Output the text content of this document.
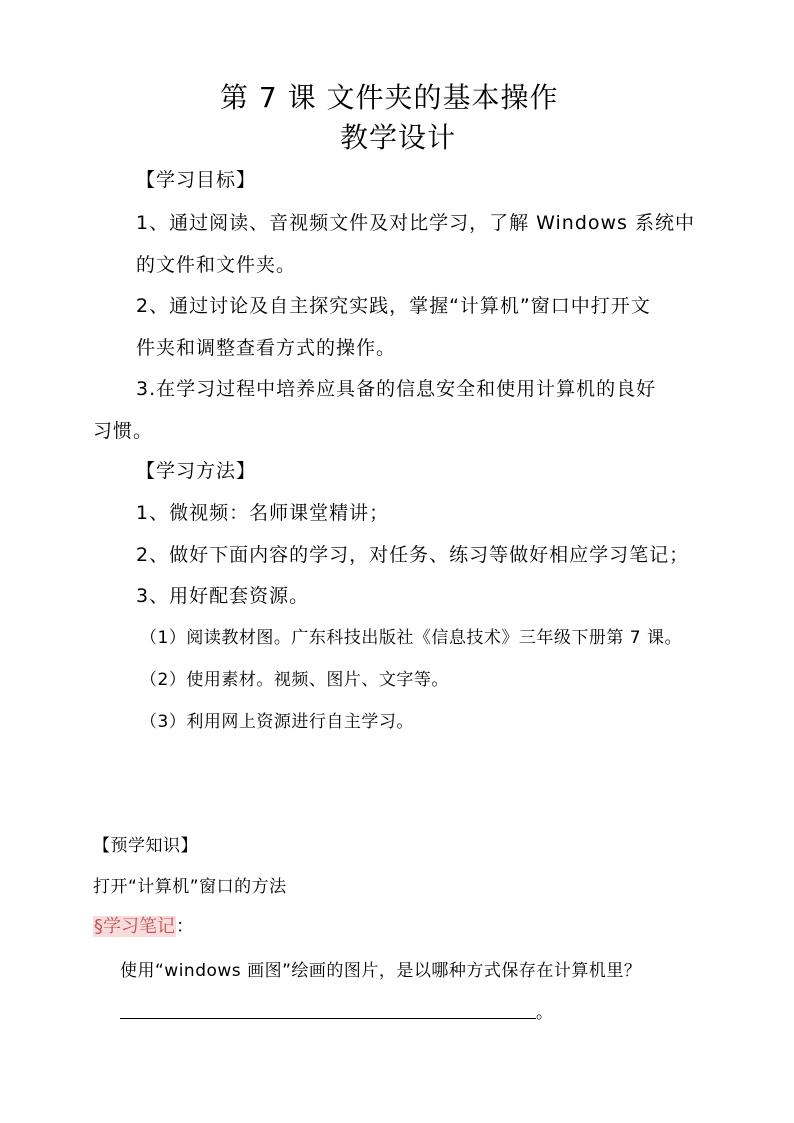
第 7 课 文件夹的基本操作
教学设计
【学习目标】
1、通过阅读、音视频文件及对比学习，了解 Windows 系统中
的文件和文件夹。
2、通过讨论及自主探究实践，掌握“计算机”窗口中打开文
件夹和调整查看方式的操作。
3.在学习过程中培养应具备的信息安全和使用计算机的良好
习惯。
【学习方法】
1、微视频：名师课堂精讲；
2、做好下面内容的学习，对任务、练习等做好相应学习笔记；
3、用好配套资源。
（1）阅读教材图。广东科技出版社《信息技术》三年级下册第 7 课。
（2）使用素材。视频、图片、文字等。
（3）利用网上资源进行自主学习。
【预学知识】
打开“计算机”窗口的方法
§学习笔记：
使用“windows 画图”绘画的图片，是以哪种方式保存在计算机里？
。
